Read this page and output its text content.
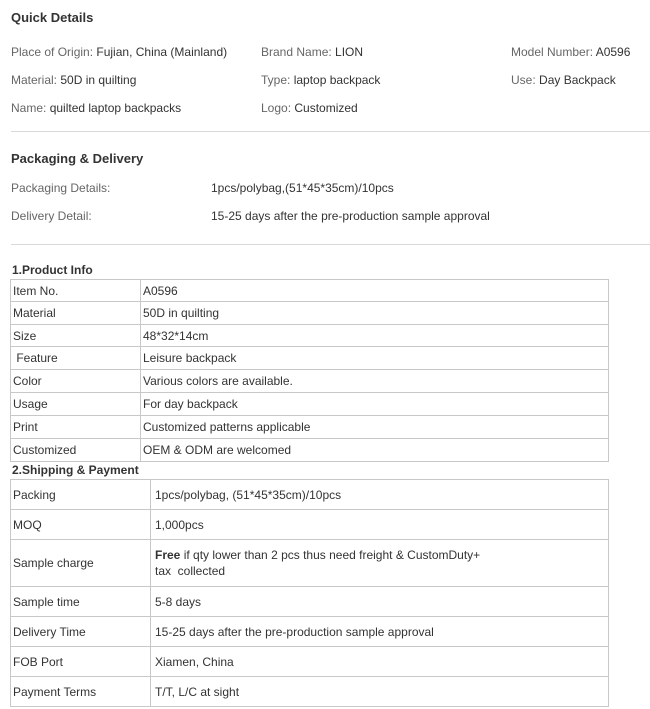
Quick Details
Place of Origin: Fujian, China (Mainland)	Brand Name: LION	Model Number: A0596
Material: 50D in quilting	Type: laptop backpack	Use: Day Backpack
Name: quilted laptop backpacks	Logo: Customized
Packaging & Delivery
Packaging Details:	1pcs/polybag,(51*45*35cm)/10pcs
Delivery Detail:	15-25 days after the pre-production sample approval
1.Product Info
Item No.	A0596
Material	50D in quilting
Size	48*32*14cm
Feature	Leisure backpack
Color	Various colors are available.
Usage	For day backpack
Print	Customized patterns applicable
Customized	OEM & ODM are welcomed
2.Shipping & Payment
Packing	1pcs/polybag, (51*45*35cm)/10pcs
MOQ	1,000pcs
Sample charge	Free if qty lower than 2 pcs thus need freight & CustomDuty+
tax  collected

Sample time	5-8 days
Delivery Time	15-25 days after the pre-production sample approval
FOB Port	Xiamen, China
Payment Terms	T/T, L/C at sight
